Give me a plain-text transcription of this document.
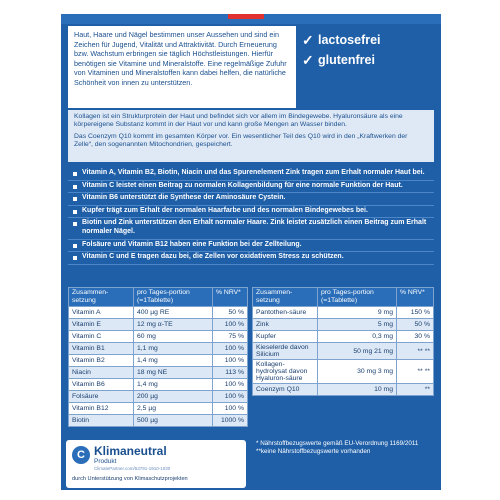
Haut, Haare und Nägel bestimmen unser Aussehen und sind ein Zeichen für Jugend, Vitalität und Attraktivität. Durch Erneuerung bzw. Wachstum erbringen sie täglich Höchstleistungen. Hierfür benötigen sie Vitamine und Mineralstoffe. Eine regelmäßige Zufuhr von Vitaminen und Mineralstoffen kann dabei helfen, die natürliche Schönheit von innen zu unterstützen.
✓ lactosefrei
✓ glutenfrei

Kollagen ist ein Strukturprotein der Haut und befindet sich vor allem im Bindegewebe. Hyaluronsäure als eine körpereigene Substanz kommt in der Haut vor und kann große Mengen an Wasser binden.

Das Coenzym Q10 kommt im gesamten Körper vor. Ein wesentlicher Teil des Q10 wird in den „Kraftwerken der Zelle“, den sogenannten Mitochondrien, gespeichert.

Vitamin A, Vitamin B2, Biotin, Niacin und das Spurenelement Zink tragen zum Erhalt normaler Haut bei.
Vitamin C leistet einen Beitrag zu normalen Kollagenbildung für eine normale Funktion der Haut.
Vitamin B6 unterstützt die Synthese der Aminosäure Cystein.
Kupfer trägt zum Erhalt der normalen Haarfarbe und des normalen Bindegewebes bei.
Biotin und Zink unterstützen den Erhalt normaler Haare. Zink leistet zusätzlich einen Beitrag zum Erhalt normaler Nägel.
Folsäure und Vitamin B12 haben eine Funktion bei der Zellteilung.
Vitamin C und E tragen dazu bei, die Zellen vor oxidativem Stress zu schützen.
Zusammen-setzung	pro Tages-portion (=1Tablette)	% NRV*
Vitamin A	400 µg RE	50 %
Vitamin E	12 mg α-TE	100 %
Vitamin C	60 mg	75 %
Vitamin B1	1,1 mg	100 %
Vitamin B2	1,4 mg	100 %
Niacin	18 mg NE	113 %
Vitamin B6	1,4 mg	100 %
Folsäure	200 µg	100 %
Vitamin B12	2,5 µg	100 %
Biotin	500 µg	1000 %
Zusammen-setzung	pro Tages-portion (=1Tablette)	% NRV*
Pantothen-säure	9 mg	150 %
Zink	5 mg	50 %
Kupfer	0,3 mg	30 %
Kieselerde davon Silicium	50 mg 21 mg	** **
Kollagen-hydrolysat davon Hyaluron-säure	30 mg 3 mg	** **
Coenzym Q10	10 mg	**
* Nährstoffbezugswerte gemäß EU-Verordnung 1169/2011
**keine Nährstoffbezugswerte vorhanden
C Klimaneutral
Produkt
ClimatePartner.com/53791-1910-1030
durch Unterstützung von Klimaschutzprojekten
